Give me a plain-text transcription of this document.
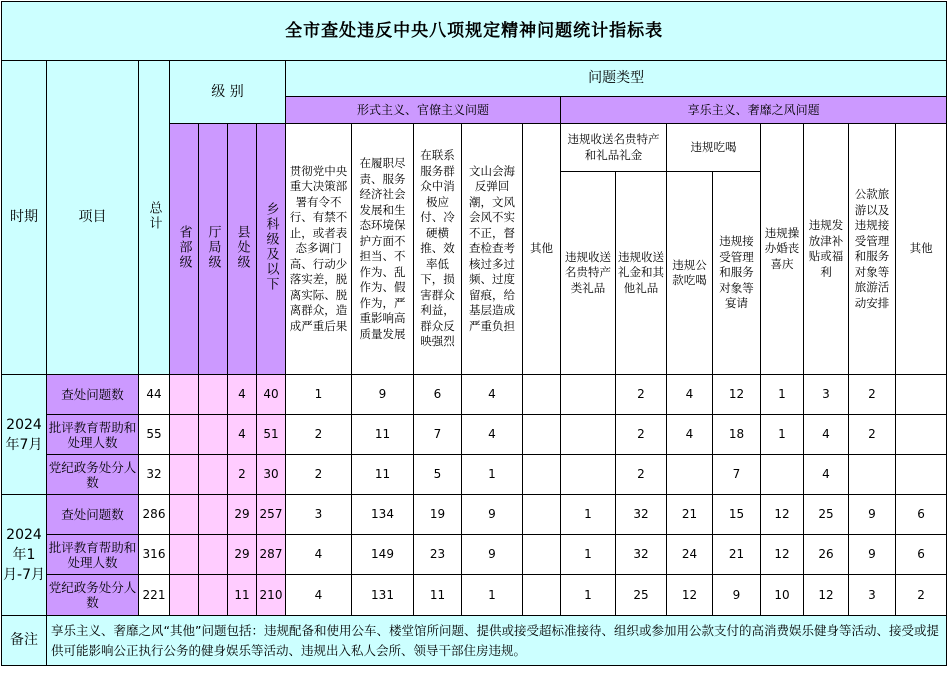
全市查处违反中央八项规定精神问题统计指标表																			
时期	项目	总计	级 别				问题类型												
							形式主义、官僚主义问题					享乐主义、奢靡之风问题							
			省部级	厅局级	县处级	乡科级及以下	贯彻党中央重大决策部署有令不行、有禁不止，或者表态多调门高、行动少落实差，脱离实际、脱离群众，造成严重后果	在履职尽责、服务经济社会发展和生态环境保护方面不担当、不作为、乱作为、假作为，严重影响高质量发展	在联系服务群众中消极应付、冷硬横推、效率低下，损害群众利益，群众反映强烈	文山会海反弹回潮，文风会风不实不正，督查检查考核过多过频、过度留痕，给基层造成严重负担	其他	违规收送名贵特产和礼品礼金		违规吃喝		违规操办婚丧喜庆	违规发放津补贴或福利	公款旅游以及违规接受管理和服务对象等旅游活动安排	其他
												违规收送名贵特产类礼品	违规收送礼金和其他礼品	违规公款吃喝	违规接受管理和服务对象等宴请				
2024年7月	查处问题数	44			4	40	1	9	6	4			2	4	12	1	3	2	
	批评教育帮助和处理人数	55			4	51	2	11	7	4			2	4	18	1	4	2	
	党纪政务处分人数	32			2	30	2	11	5	1			2		7		4		
2024年1月-7月	查处问题数	286			29	257	3	134	19	9		1	32	21	15	12	25	9	6
	批评教育帮助和处理人数	316			29	287	4	149	23	9		1	32	24	21	12	26	9	6
	党纪政务处分人数	221			11	210	4	131	11	1		1	25	12	9	10	12	3	2
备注	享乐主义、奢靡之风“其他”问题包括：违规配备和使用公车、楼堂馆所问题、提供或接受超标准接待、组织或参加用公款支付的高消费娱乐健身等活动、接受或提供可能影响公正执行公务的健身娱乐等活动、违规出入私人会所、领导干部住房违规。																		
